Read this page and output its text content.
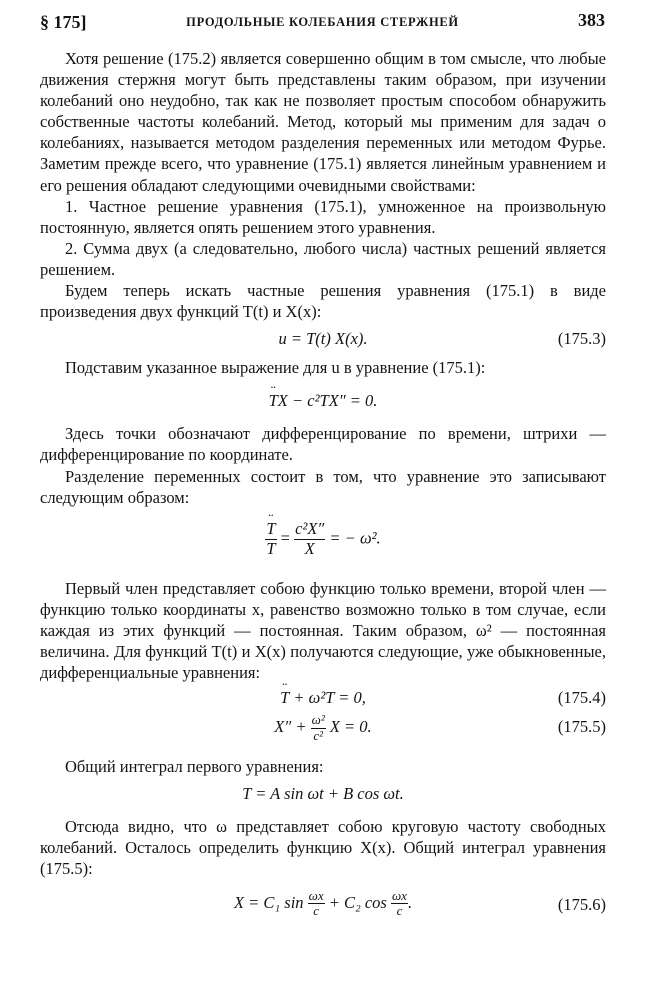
§ 175]	ПРОДОЛЬНЫЕ КОЛЕБАНИЯ СТЕРЖНЕЙ	383

Хотя решение (175.2) является совершенно общим в том смысле, что любые движения стержня могут быть представлены таким образом, при изучении колебаний оно неудобно, так как не позволяет простым способом обнаружить собственные частоты колебаний. Метод, который мы применим для задач о колебаниях, называется методом разделения переменных или методом Фурье. Заметим прежде всего, что уравнение (175.1) является линейным уравнением и его решения обладают следующими очевидными свойствами:

1. Частное решение уравнения (175.1), умноженное на произвольную постоянную, является опять решением этого уравнения.

2. Сумма двух (а следовательно, любого числа) частных решений является решением.

Будем теперь искать частные решения уравнения (175.1) в виде произведения двух функций T(t) и X(x):

u = T(t) X(x).	(175.3)

Подставим указанное выражение для u в уравнение (175.1):

¨ TX − c²TX″ = 0.

Здесь точки обозначают дифференцирование по времени, штрихи — дифференцирование по координате.

Разделение переменных состоит в том, что уравнение это записывают следующим образом:

¨ $\frac{T}{T} = \frac{\text{c²X″}}{X}$ = − ω².

Первый член представляет собою функцию только времени, второй член — функцию только координаты x, равенство возможно только в том случае, если каждая из этих функций — постоянная. Таким образом, ω² — постоянная величина. Для функций T(t) и X(x) получаются следующие, уже обыкновенные, дифференциальные уравнения:

¨ T + ω²T = 0,	(175.4)
$X'' + \frac{\text{ω²}}{\text{c²}}$ X = 0.	(175.5)

Общий интеграл первого уравнения:

T = A sin ωt + B cos ωt.

Отсюда видно, что ω представляет собою круговую частоту свободных колебаний. Осталось определить функцию X(x). Общий интеграл уравнения (175.5):

X = C₁ $\sin \frac{\omega x}{c} + C_2$ $\cos \frac{\omega x}{c}$ .	(175.6)
